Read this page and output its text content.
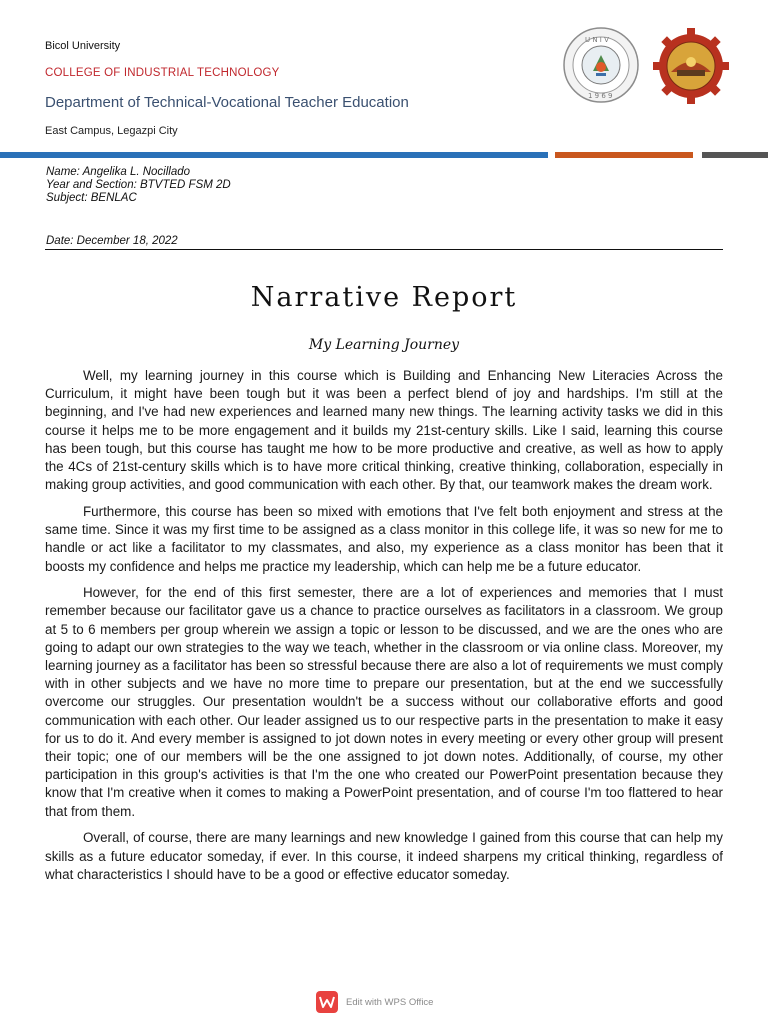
Bicol University
COLLEGE OF INDUSTRIAL TECHNOLOGY
Department of Technical-Vocational Teacher Education
East Campus, Legazpi City
U N I V
1 9 6 9
Name: Angelika L. Nocillado
Year and Section: BTVTED FSM 2D
Subject: BENLAC
Date: December 18, 2022
Narrative Report
My Learning Journey

Well, my learning journey in this course which is Building and Enhancing New Literacies Across the Curriculum, it might have been tough but it was been a perfect blend of joy and hardships. I'm still at the beginning, and I've had new experiences and learned many new things. The learning activity tasks we did in this course it helps me to be more engagement and it builds my 21st-century skills. Like I said, learning this course has been tough, but this course has taught me how to be more productive and creative, as well as how to apply the 4Cs of 21st-century skills which is to have more critical thinking, creative thinking, collaboration, especially in making group activities, and good communication with each other. By that, our teamwork makes the dream work.

Furthermore, this course has been so mixed with emotions that I've felt both enjoyment and stress at the same time. Since it was my first time to be assigned as a class monitor in this college life, it was so new for me to handle or act like a facilitator to my classmates, and also, my experience as a class monitor has been that it boosts my confidence and helps me practice my leadership, which can help me be a future educator.

However, for the end of this first semester, there are a lot of experiences and memories that I must remember because our facilitator gave us a chance to practice ourselves as facilitators in a classroom. We group at 5 to 6 members per group wherein we assign a topic or lesson to be discussed, and we are the ones who are going to adapt our own strategies to the way we teach, whether in the classroom or via online class. Moreover, my learning journey as a facilitator has been so stressful because there are also a lot of requirements we must comply with in other subjects and we have no more time to prepare our presentation, but at the end we successfully overcome our struggles. Our presentation wouldn't be a success without our collaborative efforts and good communication with each other. Our leader assigned us to our respective parts in the presentation to make it easy for us to do it. And every member is assigned to jot down notes in every meeting or every other group will present their topic; one of our members will be the one assigned to jot down notes. Additionally, of course, my other participation in this group's activities is that I'm the one who created our PowerPoint presentation because they know that I'm creative when it comes to making a PowerPoint presentation, and of course I'm too flattered to hear that from them.

Overall, of course, there are many learnings and new knowledge I gained from this course that can help my skills as a future educator someday, if ever. In this course, it indeed sharpens my critical thinking, regardless of what characteristics I should have to be a good or effective educator someday.

Edit with WPS Office
